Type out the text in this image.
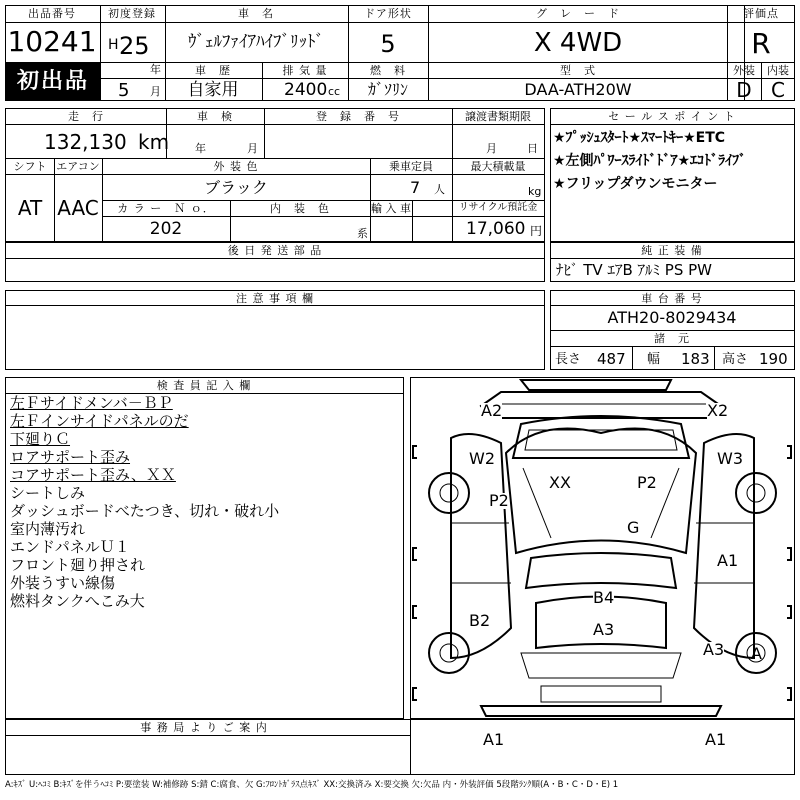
出品番号
10241
初出品
初度登録
H 25
年
5 月
車　名
ｳﾞｪﾙﾌｧｲｱﾊｲﾌﾞﾘｯﾄﾞ
車　歴
自家用
排 気 量
2400 cc
ドア形状
5
燃　料
ｶﾞｿﾘﾝ
グ　レ　ー　ド
X 4WD
型　式
DAA-ATH20W
評価点
R
外装
D
内装
C
走　行
132,130 km
車　検
年	月
登　録　番　号	譲渡書類期限
月	日
シフト
AT
エアコン
AAC
外 装 色
ブラック
乗車定員
7 人
最大積載量
kg
カ ラ ー　Ｎ ｏ．
202
内　装　色
系
輸 入 車	リサイクル預託金
17,060 円
セ ー ル ス ポ イ ン ト
★ﾌﾟｯｼｭｽﾀｰﾄ★ｽﾏｰﾄｷｰ★ETC
★左側ﾊﾟﾜｰｽﾗｲﾄﾞﾄﾞｱ★ｴｺﾄﾞﾗｲﾌﾞ
★フリップダウンモニター
後 日 発 送 部 品	純 正 装 備
ﾅﾋﾞ TV ｴｱB ｱﾙﾐ PS PW
注 意 事 項 欄	車 台 番 号
ATH20-8029434
諸　元
長さ 487 幅 183 高さ 190
検 査 員 記 入 欄
左Ｆサイドメンバ－ＢＰ
左Ｆインサイドパネルのだ
下廻りＣ
ロアサポート歪み
コアサポート歪み、ＸＸ
シートしみ
ダッシュボードべたつき、切れ・破れ小
室内薄汚れ
エンドパネルＵ１
フロント廻り押され
外装うすい線傷
燃料タンクへこみ大
A2	X2
W2	W3
XX
P2
P2
G
A1
B4
B2	A3
A3 A
A1	A1
事 務 局 よ り ご 案 内
A:ｷｽﾞ U:ﾍｺﾐ B:ｷｽﾞを伴うﾍｺﾐ P:要塗装 W:補修跡 S:錆 C:腐食、欠 G:ﾌﾛﾝﾄｶﾞﾗｽ点ｷｽﾞ XX:交換済み X:要交換 欠:欠品 内・外装評価 5段階ﾗﾝｸ順(A・B・C・D・E) 1
